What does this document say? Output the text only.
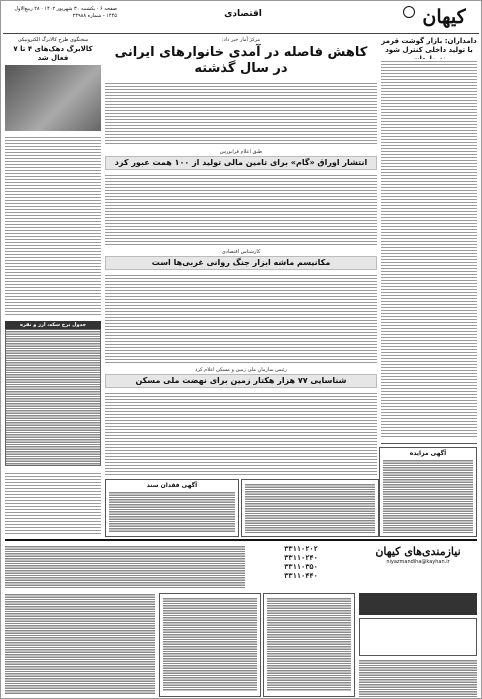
کیهان
اقتصادی
صفحه ۶ · یکشنبه ۳۰ شهریور ۱۴۰۲ · ۲۸ ربیع‌الاول ۱۴۴۵ - شماره ۲۳۹۸۸
دامداران: بازار گوشت قرمز
با تولید داخلی کنترل شود
آگهی مزایده
سخنگوی طرح کالابرگ الکترونیکی
کالابرگ دهک‌های ۴ تا ۷
فعال شد
جدول نرخ سکه، ارز و نقره
مرکز آمار خبر داد:
کاهش فاصله در آمدی خانوارهای ایرانی
در سال گذشته
طبق اعلام فرابورس
انتشار اوراق «گام» برای تامین مالی تولید از ۱۰۰ همت عبور کرد
کارشناس اقتصادی
مکانیسم ماشه ابزار جنگ روانی غربی‌ها است
رئیس سازمان ملی زمین و مسکن اعلام کرد
شناسایی ۷۷ هزار هکتار زمین برای نهضت ملی مسکن
آگهی فقدان سند
نیازمندی‌های کیهان
niyazmandiha@kayhan.ir
۳۳۱۱۰۲۰۲
۳۳۱۱۰۲۴۰
۳۳۱۱۰۳۵۰
۳۳۱۱۰۴۴۰
